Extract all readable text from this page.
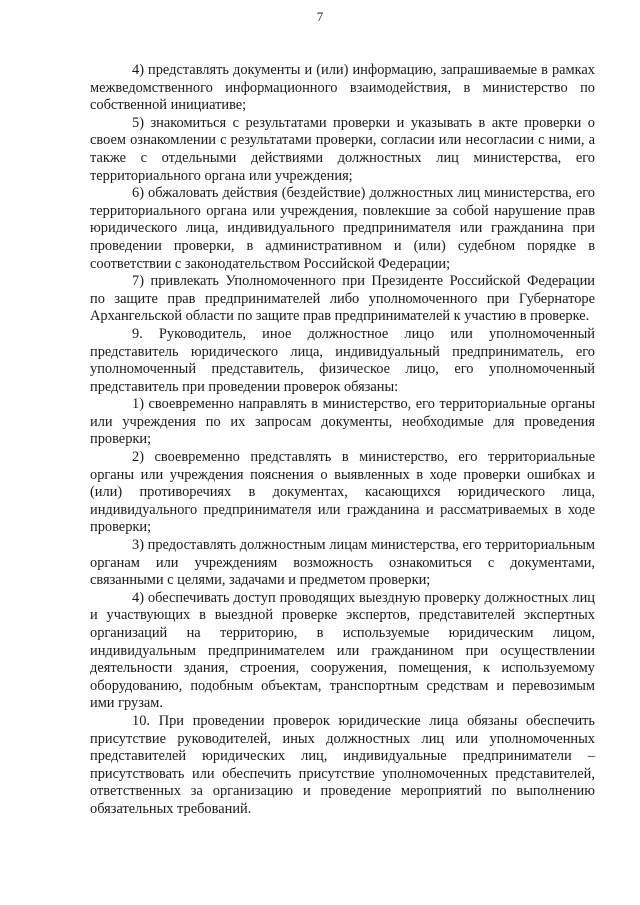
7

4) представлять документы и (или) информацию, запрашиваемые в рамках межведомственного информационного взаимодействия, в министерство по собственной инициативе;

5) знакомиться с результатами проверки и указывать в акте проверки о своем ознакомлении с результатами проверки, согласии или несогласии с ними, а также с отдельными действиями должностных лиц министерства, его территориального органа или учреждения;

6) обжаловать действия (бездействие) должностных лиц министерства, его территориального органа или учреждения, повлекшие за собой нарушение прав юридического лица, индивидуального предпринимателя или гражданина при проведении проверки, в административном и (или) судебном порядке в соответствии с законодательством Российской Федерации;

7) привлекать Уполномоченного при Президенте Российской Федерации по защите прав предпринимателей либо уполномоченного при Губернаторе Архангельской области по защите прав предпринимателей к участию в проверке.

9. Руководитель, иное должностное лицо или уполномоченный представитель юридического лица, индивидуальный предприниматель, его уполномоченный представитель, физическое лицо, его уполномоченный представитель при проведении проверок обязаны:

1) своевременно направлять в министерство, его территориальные органы или учреждения по их запросам документы, необходимые для проведения проверки;

2) своевременно представлять в министерство, его территориальные органы или учреждения пояснения о выявленных в ходе проверки ошибках и (или) противоречиях в документах, касающихся юридического лица, индивидуального предпринимателя или гражданина и рассматриваемых в ходе проверки;

3) предоставлять должностным лицам министерства, его территориальным органам или учреждениям возможность ознакомиться с документами, связанными с целями, задачами и предметом проверки;

4) обеспечивать доступ проводящих выездную проверку должностных лиц и участвующих в выездной проверке экспертов, представителей экспертных организаций на территорию, в используемые юридическим лицом, индивидуальным предпринимателем или гражданином при осуществлении деятельности здания, строения, сооружения, помещения, к используемому оборудованию, подобным объектам, транспортным средствам и перевозимым ими грузам.

10. При проведении проверок юридические лица обязаны обеспечить присутствие руководителей, иных должностных лиц или уполномоченных представителей юридических лиц, индивидуальные предприниматели – присутствовать или обеспечить присутствие уполномоченных представителей, ответственных за организацию и проведение мероприятий по выполнению обязательных требований.
